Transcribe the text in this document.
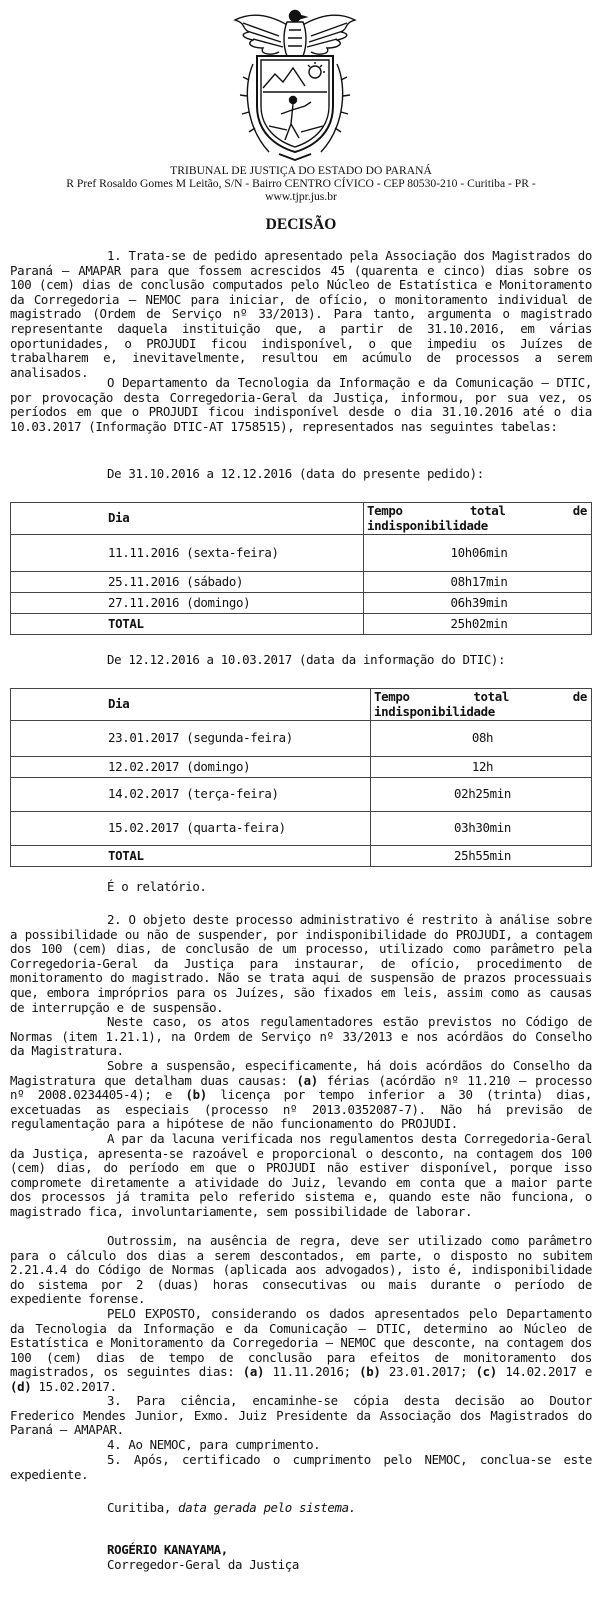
TRIBUNAL DE JUSTIÇA DO ESTADO DO PARANÁ
R Pref Rosaldo Gomes M Leitão, S/N - Bairro CENTRO CÍVICO - CEP 80530-210 - Curitiba - PR -
www.tjpr.jus.br
DECISÃO

1. Trata-se de pedido apresentado pela Associação dos Magistrados do Paraná – AMAPAR para que fossem acrescidos 45 (quarenta e cinco) dias sobre os 100 (cem) dias de conclusão computados pelo Núcleo de Estatística e Monitoramento da Corregedoria – NEMOC para iniciar, de ofício, o monitoramento individual de magistrado (Ordem de Serviço nº 33/2013). Para tanto, argumenta o magistrado representante daquela instituição que, a partir de 31.10.2016, em várias oportunidades, o PROJUDI ficou indisponível, o que impediu os Juízes de trabalharem e, inevitavelmente, resultou em acúmulo de processos a serem analisados.

O Departamento da Tecnologia da Informação e da Comunicação – DTIC, por provocação desta Corregedoria-Geral da Justiça, informou, por sua vez, os períodos em que o PROJUDI ficou indisponível desde o dia 31.10.2016 até o dia 10.03.2017 (Informação DTIC-AT 1758515), representados nas seguintes tabelas:

De 31.10.2016 a 12.12.2016 (data do presente pedido):
Dia	Tempo total de indisponibilidade
11.11.2016 (sexta-feira)	10h06min
25.11.2016 (sábado)	08h17min
27.11.2016 (domingo)	06h39min
TOTAL	25h02min
De 12.12.2016 a 10.03.2017 (data da informação do DTIC):
Dia	Tempo total de indisponibilidade
23.01.2017 (segunda-feira)	08h
12.02.2017 (domingo)	12h
14.02.2017 (terça-feira)	02h25min
15.02.2017 (quarta-feira)	03h30min
TOTAL	25h55min
É o relatório.

2. O objeto deste processo administrativo é restrito à análise sobre a possibilidade ou não de suspender, por indisponibilidade do PROJUDI, a contagem dos 100 (cem) dias, de conclusão de um processo, utilizado como parâmetro pela Corregedoria-Geral da Justiça para instaurar, de ofício, procedimento de monitoramento do magistrado. Não se trata aqui de suspensão de prazos processuais que, embora impróprios para os Juízes, são fixados em leis, assim como as causas de interrupção e de suspensão.

Neste caso, os atos regulamentadores estão previstos no Código de Normas (item 1.21.1), na Ordem de Serviço nº 33/2013 e nos acórdãos do Conselho da Magistratura.

Sobre a suspensão, especificamente, há dois acórdãos do Conselho da Magistratura que detalham duas causas: (a) férias (acórdão nº 11.210 – processo nº 2008.0234405-4); e (b) licença por tempo inferior a 30 (trinta) dias, excetuadas as especiais (processo nº 2013.0352087-7). Não há previsão de regulamentação para a hipótese de não funcionamento do PROJUDI.

A par da lacuna verificada nos regulamentos desta Corregedoria-Geral da Justiça, apresenta-se razoável e proporcional o desconto, na contagem dos 100 (cem) dias, do período em que o PROJUDI não estiver disponível, porque isso compromete diretamente a atividade do Juiz, levando em conta que a maior parte dos processos já tramita pelo referido sistema e, quando este não funciona, o magistrado fica, involuntariamente, sem possibilidade de laborar.

Outrossim, na ausência de regra, deve ser utilizado como parâmetro para o cálculo dos dias a serem descontados, em parte, o disposto no subitem 2.21.4.4 do Código de Normas (aplicada aos advogados), isto é, indisponibilidade do sistema por 2 (duas) horas consecutivas ou mais durante o período de expediente forense.

PELO EXPOSTO, considerando os dados apresentados pelo Departamento da Tecnologia da Informação e da Comunicação – DTIC, determino ao Núcleo de Estatística e Monitoramento da Corregedoria – NEMOC que desconte, na contagem dos 100 (cem) dias de tempo de conclusão para efeitos de monitoramento dos magistrados, os seguintes dias: (a) 11.11.2016; (b) 23.01.2017; (c) 14.02.2017 e (d) 15.02.2017.

3. Para ciência, encaminhe-se cópia desta decisão ao Doutor Frederico Mendes Junior, Exmo. Juiz Presidente da Associação dos Magistrados do Paraná – AMAPAR.

4. Ao NEMOC, para cumprimento.

5. Após, certificado o cumprimento pelo NEMOC, conclua-se este expediente.

Curitiba, data gerada pelo sistema.
ROGÉRIO KANAYAMA,
Corregedor-Geral da Justiça
